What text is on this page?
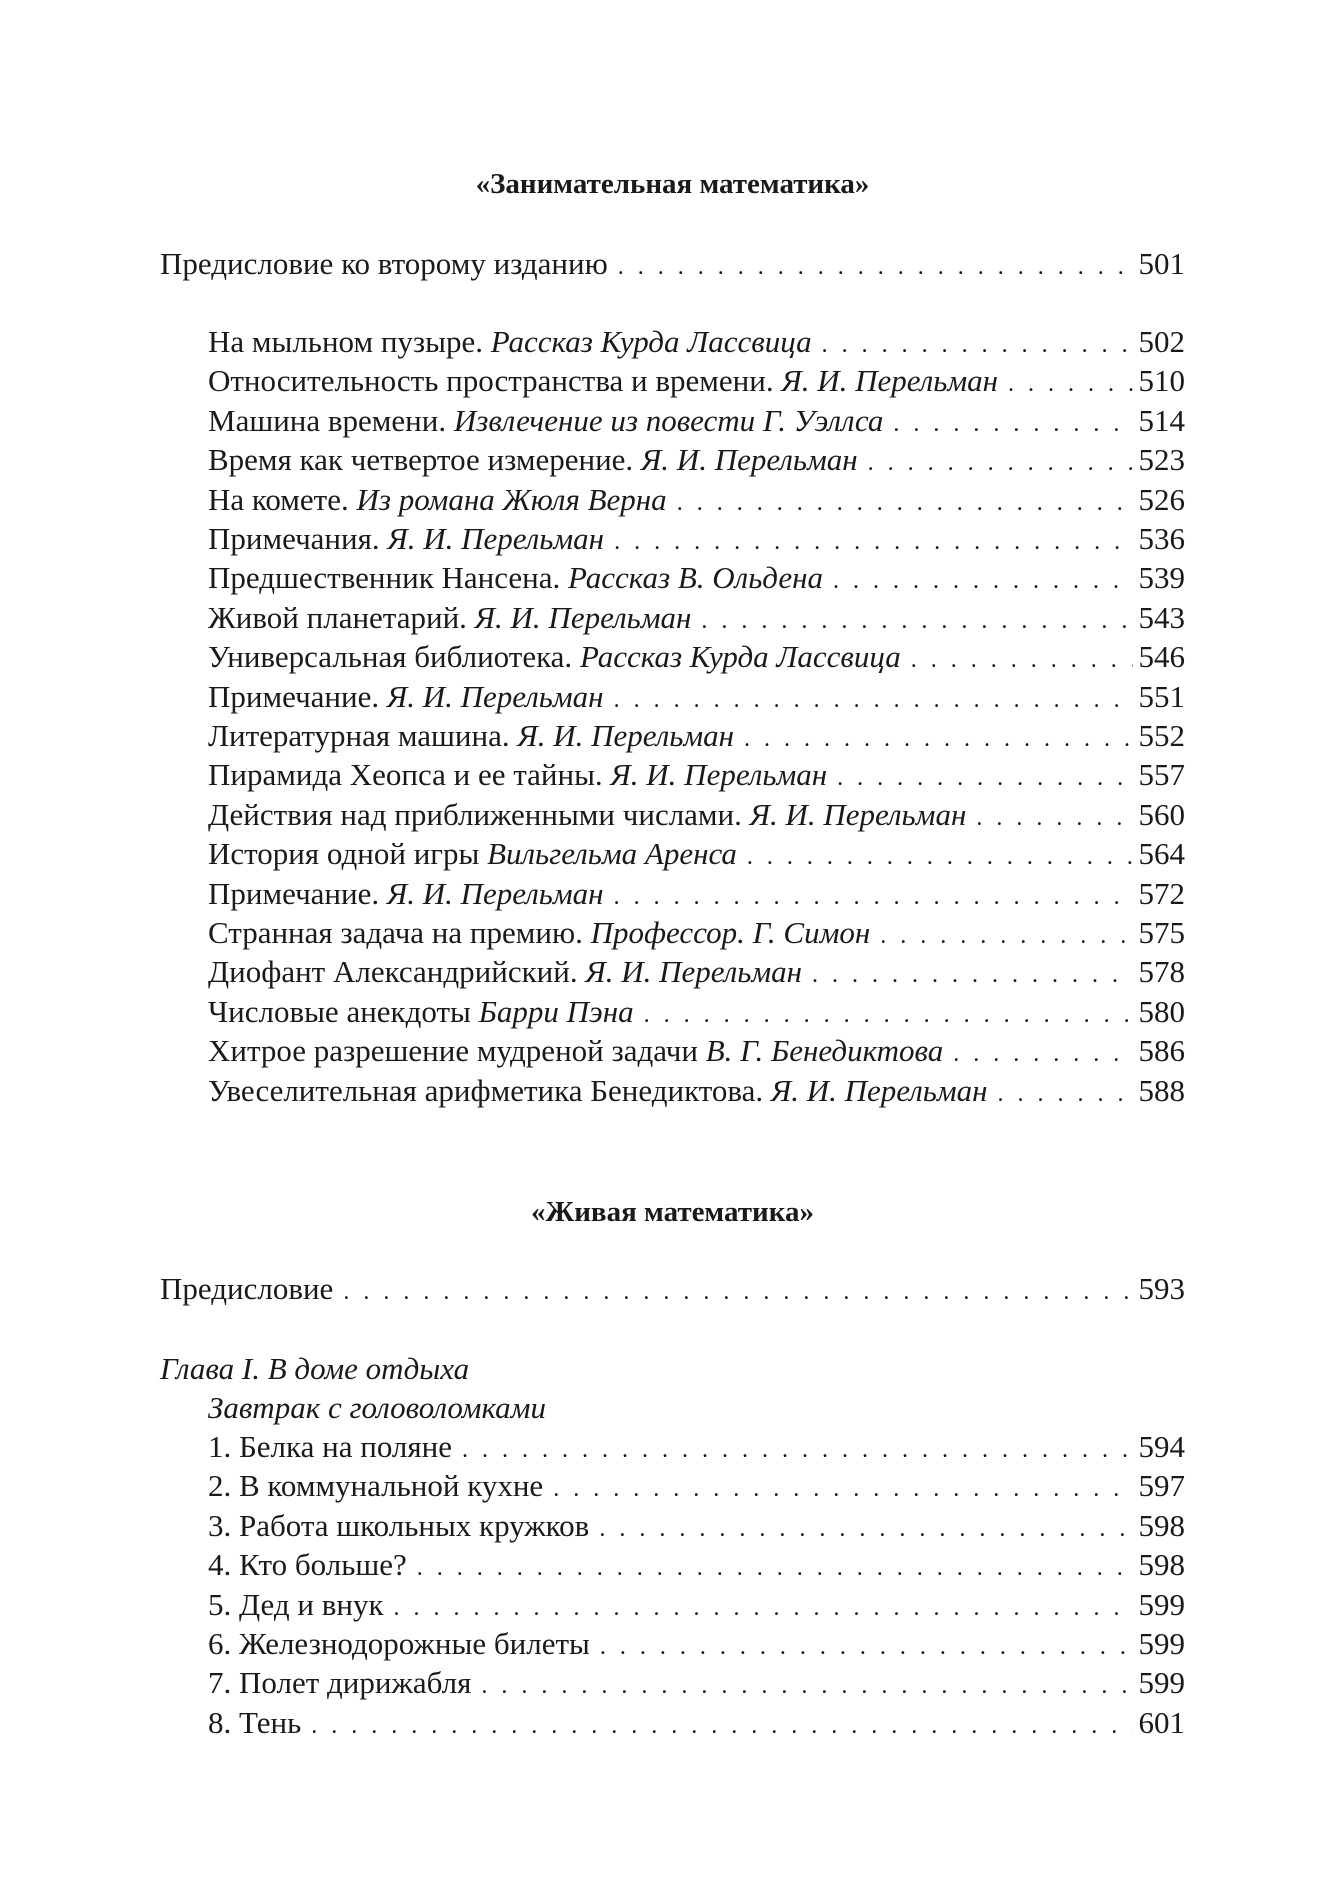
«Занимательная математика»
Предисловие ко второму изданию . . .	501
На мыльном пузыре. Рассказ Курда Лассвица . . .	502
Относительность пространства и времени. Я. И. Перельман . . .	510
Машина времени. Извлечение из повести Г. Уэллса . . .	514
Время как четвертое измерение. Я. И. Перельман . . .	523
На комете. Из романа Жюля Верна . . .	526
Примечания. Я. И. Перельман . . .	536
Предшественник Нансена. Рассказ В. Ольдена . . .	539
Живой планетарий. Я. И. Перельман . . .	543
Универсальная библиотека. Рассказ Курда Лассвица . . .	546
Примечание. Я. И. Перельман . . .	551
Литературная машина. Я. И. Перельман . . .	552
Пирамида Хеопса и ее тайны. Я. И. Перельман . . .	557
Действия над приближенными числами. Я. И. Перельман . . .	560
История одной игры Вильгельма Аренса . . .	564
Примечание. Я. И. Перельман . . .	572
Странная задача на премию. Профессор. Г. Симон . . .	575
Диофант Александрийский. Я. И. Перельман . . .	578
Числовые анекдоты Барри Пэна . . .	580
Хитрое разрешение мудреной задачи В. Г. Бенедиктова . . .	586
Увеселительная арифметика Бенедиктова. Я. И. Перельман . . .	588
«Живая математика»
Предисловие . . .	593
Глава I. В доме отдыха
Завтрак с головоломками
1. Белка на поляне . . .	594
2. В коммунальной кухне . . .	597
3. Работа школьных кружков . . .	598
4. Кто больше? . . .	598
5. Дед и внук . . .	599
6. Железнодорожные билеты . . .	599
7. Полет дирижабля . . .	599
8. Тень . . .	601
